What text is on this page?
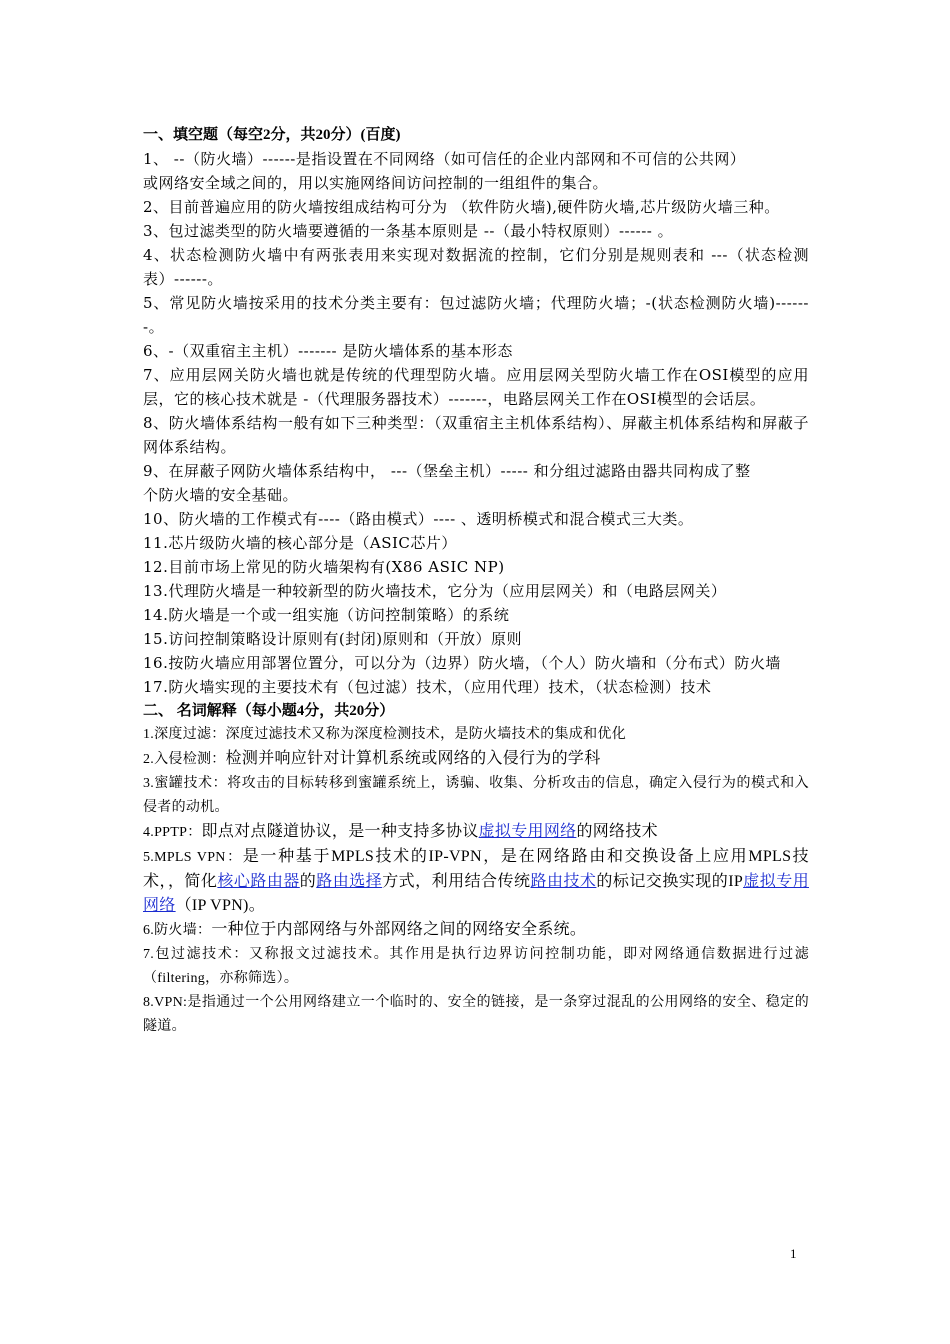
一、填空题（每空2分，共20分）(百度)
1、 --（防火墙）------是指设置在不同网络（如可信任的企业内部网和不可信的公共网）
或网络安全域之间的，用以实施网络间访问控制的一组组件的集合。
2、目前普遍应用的防火墙按组成结构可分为 （软件防火墙),硬件防火墙,芯片级防火墙三种。
3、包过滤类型的防火墙要遵循的一条基本原则是 --（最小特权原则）------ 。
4、状态检测防火墙中有两张表用来实现对数据流的控制，它们分别是规则表和 ---（状态检测表）------。
5、常见防火墙按采用的技术分类主要有：包过滤防火墙；代理防火墙；-(状态检测防火墙)-------。
6、-（双重宿主主机）------- 是防火墙体系的基本形态
7、应用层网关防火墙也就是传统的代理型防火墙。应用层网关型防火墙工作在OSI模型的应用层，它的核心技术就是 -（代理服务器技术）-------，电路层网关工作在OSI模型的会话层。
8、防火墙体系结构一般有如下三种类型：（双重宿主主机体系结构）、屏蔽主机体系结构和屏蔽子网体系结构。
9、在屏蔽子网防火墙体系结构中， ---（堡垒主机）----- 和分组过滤路由器共同构成了整
个防火墙的安全基础。
10、防火墙的工作模式有----（路由模式）---- 、透明桥模式和混合模式三大类。
11.芯片级防火墙的核心部分是（ASIC芯片）
12.目前市场上常见的防火墙架构有(X86 ASIC NP)
13.代理防火墙是一种较新型的防火墙技术，它分为（应用层网关）和（电路层网关）
14.防火墙是一个或一组实施（访问控制策略）的系统
15.访问控制策略设计原则有(封闭)原则和（开放）原则
16.按防火墙应用部署位置分，可以分为（边界）防火墙，（个人）防火墙和（分布式）防火墙
17.防火墙实现的主要技术有（包过滤）技术，（应用代理）技术，（状态检测）技术
二、 名词解释（每小题4分，共20分）
1.深度过滤：深度过滤技术又称为深度检测技术，是防火墙技术的集成和优化
2.入侵检测：检测并响应针对计算机系统或网络的入侵行为的学科
3.蜜罐技术：将攻击的目标转移到蜜罐系统上，诱骗、收集、分析攻击的信息，确定入侵行为的模式和入侵者的动机。
4.PPTP：即点对点隧道协议，是一种支持多协议虚拟专用网络的网络技术
5.MPLS VPN：是一种基于MPLS技术的IP-VPN，是在网络路由和交换设备上应用MPLS技术，，简化核心路由器的路由选择方式，利用结合传统路由技术的标记交换实现的IP虚拟专用网络（IP VPN)。
6.防火墙：一种位于内部网络与外部网络之间的网络安全系统。
7.包过滤技术：又称报文过滤技术。其作用是执行边界访问控制功能，即对网络通信数据进行过滤（filtering，亦称筛选）。
8.VPN:是指通过一个公用网络建立一个临时的、安全的链接，是一条穿过混乱的公用网络的安全、稳定的隧道。
1
